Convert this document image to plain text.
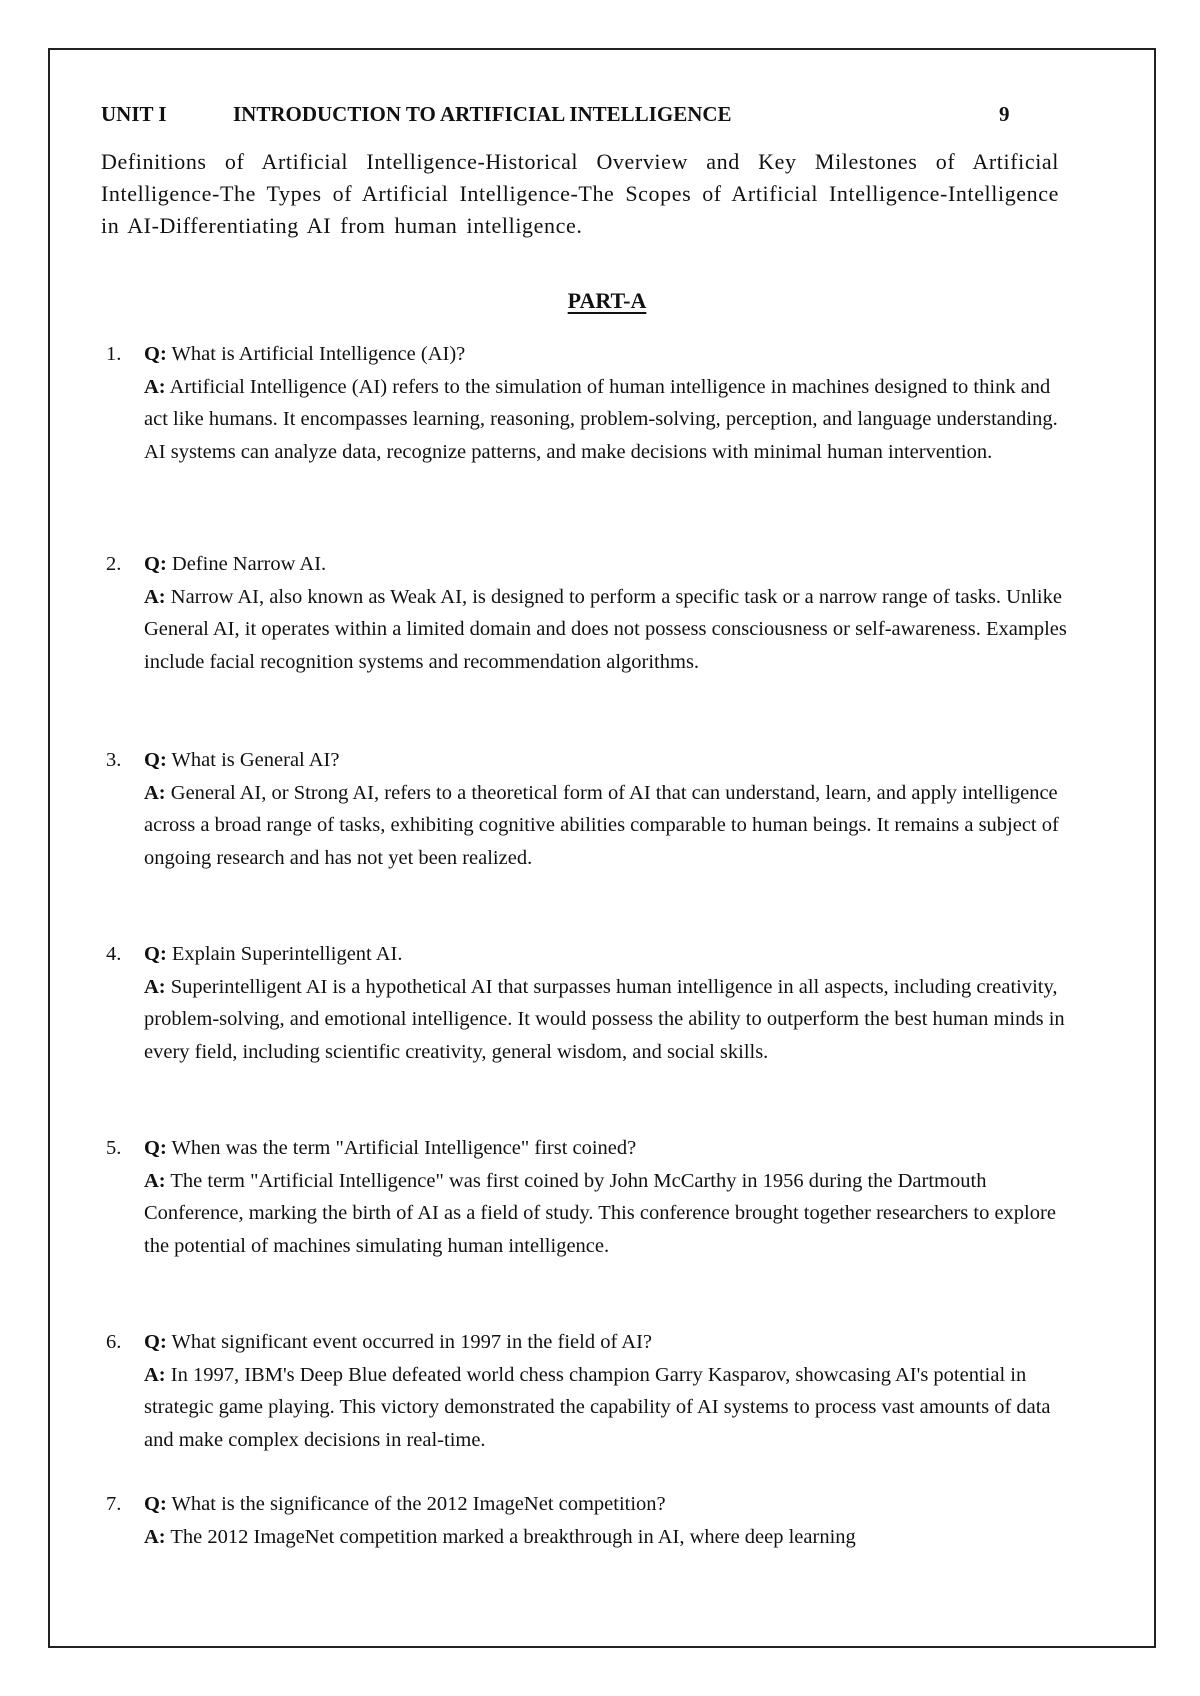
UNIT I	INTRODUCTION TO ARTIFICIAL INTELLIGENCE	9

Definitions of Artificial Intelligence-Historical Overview and Key Milestones of Artificial Intelligence-The Types of Artificial Intelligence-The Scopes of Artificial Intelligence-Intelligence in AI-Differentiating AI from human intelligence.

PART-A
1.	Q: What is Artificial Intelligence (AI)?

A: Artificial Intelligence (AI) refers to the simulation of human intelligence in machines designed to think and act like humans. It encompasses learning, reasoning, problem-solving, perception, and language understanding. AI systems can analyze data, recognize patterns, and make decisions with minimal human intervention.

2.	Q: Define Narrow AI.

A: Narrow AI, also known as Weak AI, is designed to perform a specific task or a narrow range of tasks. Unlike General AI, it operates within a limited domain and does not possess consciousness or self-awareness. Examples include facial recognition systems and recommendation algorithms.

3.	Q: What is General AI?

A: General AI, or Strong AI, refers to a theoretical form of AI that can understand, learn, and apply intelligence across a broad range of tasks, exhibiting cognitive abilities comparable to human beings. It remains a subject of ongoing research and has not yet been realized.

4.	Q: Explain Superintelligent AI.

A: Superintelligent AI is a hypothetical AI that surpasses human intelligence in all aspects, including creativity, problem-solving, and emotional intelligence. It would possess the ability to outperform the best human minds in every field, including scientific creativity, general wisdom, and social skills.

5.	Q: When was the term "Artificial Intelligence" first coined?

A: The term "Artificial Intelligence" was first coined by John McCarthy in 1956 during the Dartmouth Conference, marking the birth of AI as a field of study. This conference brought together researchers to explore the potential of machines simulating human intelligence.

6.	Q: What significant event occurred in 1997 in the field of AI?

A: In 1997, IBM's Deep Blue defeated world chess champion Garry Kasparov, showcasing AI's potential in strategic game playing. This victory demonstrated the capability of AI systems to process vast amounts of data and make complex decisions in real-time.

7.	Q: What is the significance of the 2012 ImageNet competition?

A: The 2012 ImageNet competition marked a breakthrough in AI, where deep learning
